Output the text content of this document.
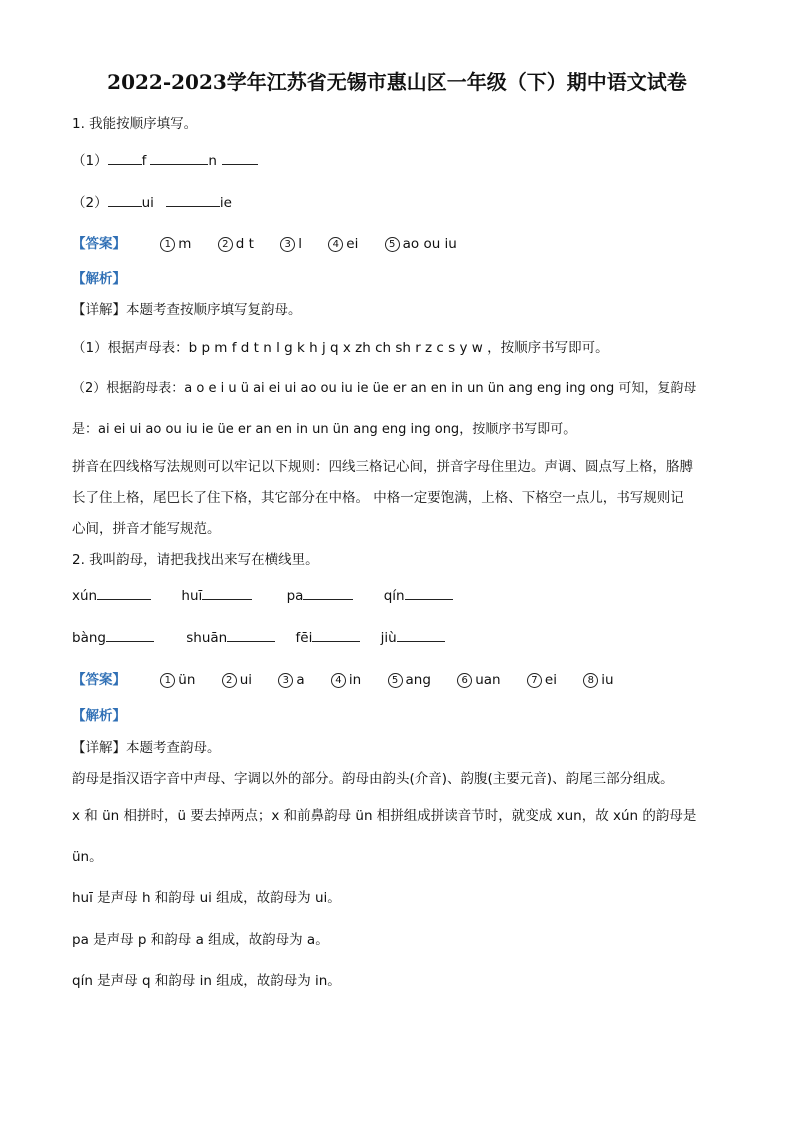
2022-2023学年江苏省无锡市惠山区一年级（下）期中语文试卷
1. 我能按顺序填写。
（1）	f	n
（2）	ui	ie
【答案】	1 m	2 d t	3 l	4 ei	5 ao ou iu
【解析】
【详解】本题考查按顺序填写复韵母。
（1）根据声母表：b p m f d t n l g k h j q x zh ch sh r z c s y w ，按顺序书写即可。
（2）根据韵母表：a o e i u ü ai ei ui ao ou iu ie üe er an en in un ün ang eng ing ong 可知，复韵母
是：ai ei ui ao ou iu ie üe er an en in un ün ang eng ing ong，按顺序书写即可。
拼音在四线格写法规则可以牢记以下规则：四线三格记心间，拼音字母住里边。声调、圆点写上格，胳膊
长了住上格，尾巴长了住下格，其它部分在中格。 中格一定要饱满，上格、下格空一点儿，书写规则记
心间，拼音才能写规范。
2. 我叫韵母，请把我找出来写在横线里。
xún	huī	pa	qín
bàng	shuān	fēi	jiù
【答案】	1 ün	2 ui	3 a	4 in	5 ang	6 uan	7 ei	8 iu
【解析】
【详解】本题考查韵母。
韵母是指汉语字音中声母、字调以外的部分。韵母由韵头(介音)、韵腹(主要元音)、韵尾三部分组成。
x 和 ün 相拼时，ü 要去掉两点；x 和前鼻韵母 ün 相拼组成拼读音节时，就变成 xun，故 xún 的韵母是
ün。
huī 是声母 h 和韵母 ui 组成，故韵母为 ui。
pa 是声母 p 和韵母 a 组成，故韵母为 a。
qín 是声母 q 和韵母 in 组成，故韵母为 in。
